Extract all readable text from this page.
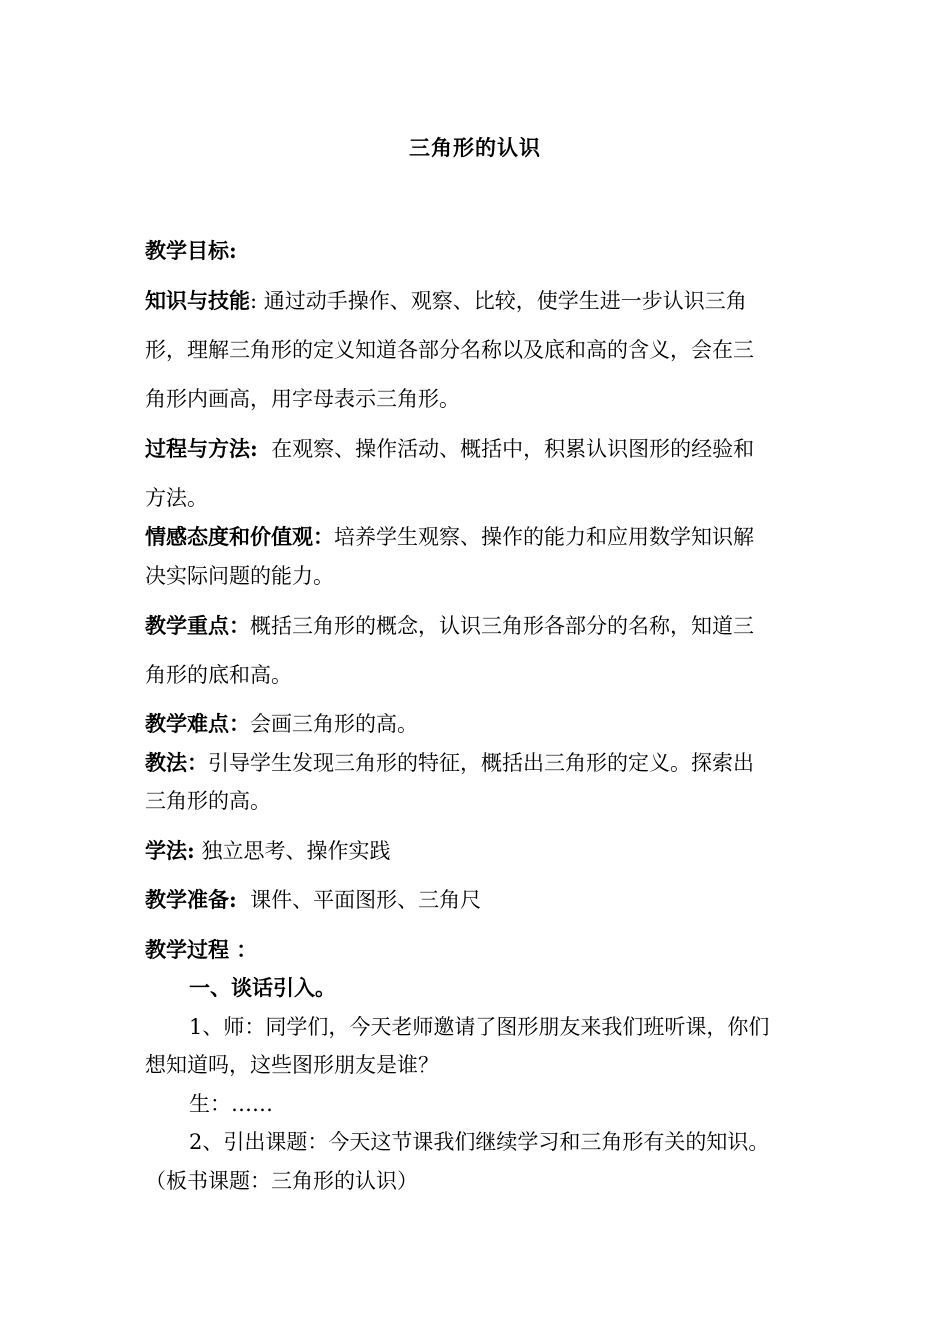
三角形的认识
教学目标:
知识与技能: 通过动手操作、观察、比较，使学生进一步认识三角
形，理解三角形的定义知道各部分名称以及底和高的含义，会在三
角形内画高，用字母表示三角形。
过程与方法:  在观察、操作活动、概括中，积累认识图形的经验和
方法。
情感态度和价值观：培养学生观察、操作的能力和应用数学知识解
决实际问题的能力。
教学重点：概括三角形的概念，认识三角形各部分的名称，知道三
角形的底和高。
教学难点：会画三角形的高。
教法：引导学生发现三角形的特征，概括出三角形的定义。探索出
三角形的高。
学法: 独立思考、操作实践
教学准备:  课件、平面图形、三角尺
教学过程 ：
一、谈话引入。
1、师：同学们，今天老师邀请了图形朋友来我们班听课，你们
想知道吗，这些图形朋友是谁？
生：……
2、引出课题：今天这节课我们继续学习和三角形有关的知识。
（板书课题：三角形的认识）
